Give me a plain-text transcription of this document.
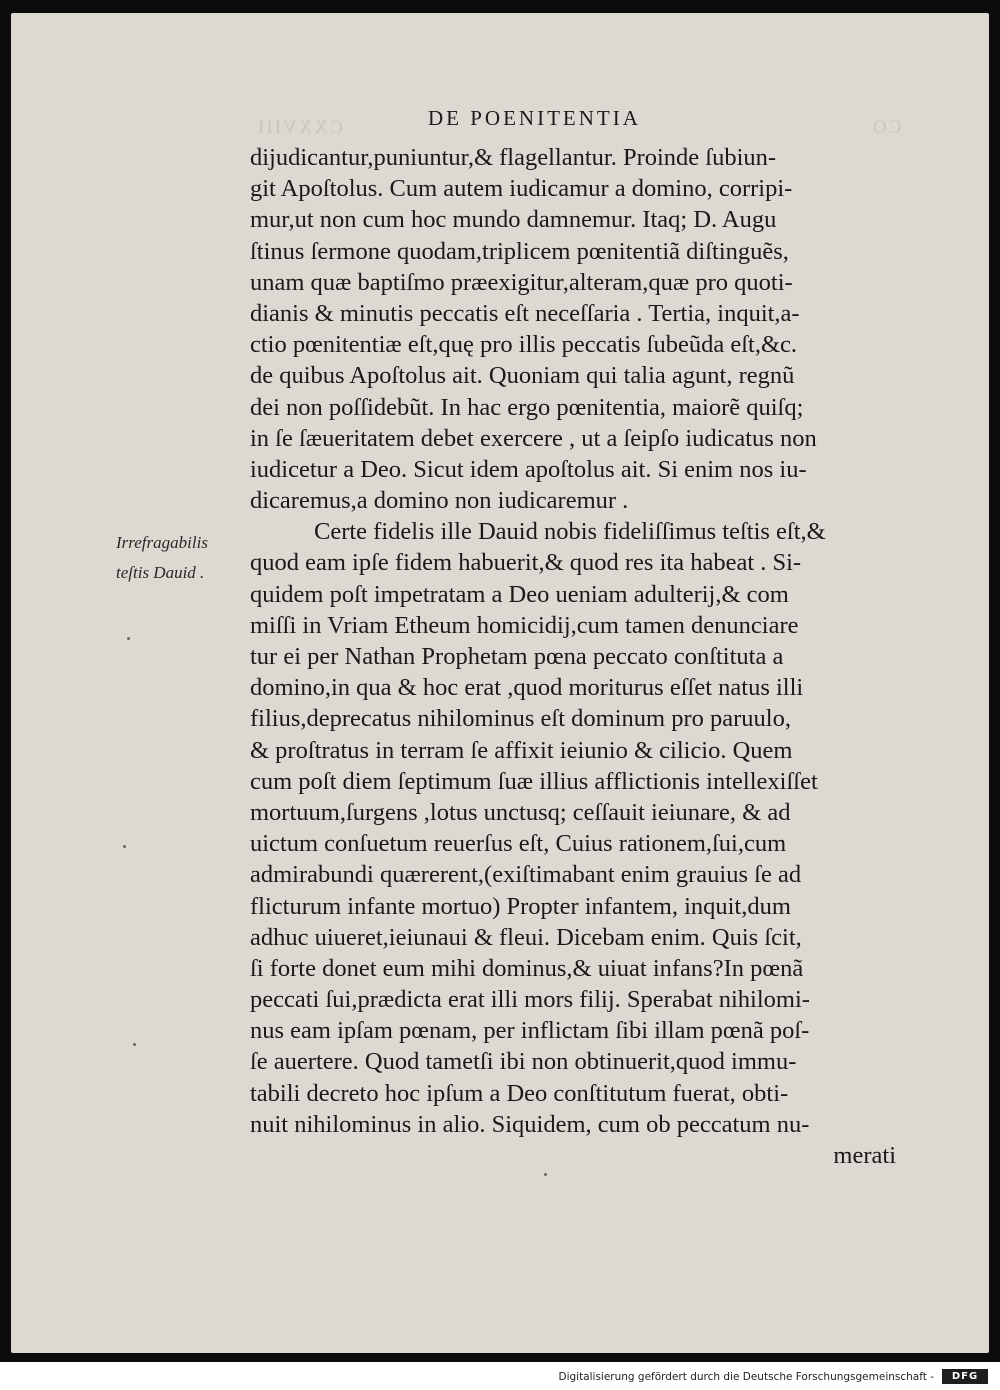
CXXVIII	CO
DE POENITENTIA
dijudicantur,puniuntur,& flagellantur. Proinde ſubiun-
git Apoſtolus. Cum autem iudicamur a domino, corripi-
mur,ut non cum hoc mundo damnemur. Itaq; D. Augu
ſtinus ſermone quodam,triplicem pœnitentiã diſtinguẽs,
unam quæ baptiſmo præexigitur,alteram,quæ pro quoti-
dianis & minutis peccatis eſt neceſſaria . Tertia, inquit,a-
ctio pœnitentiæ eſt,quę pro illis peccatis ſubeũda eſt,&c.
de quibus Apoſtolus ait. Quoniam qui talia agunt, regnũ
dei non poſſidebũt. In hac ergo pœnitentia, maiorẽ quiſq;
in ſe ſæueritatem debet exercere , ut a ſeipſo iudicatus non
iudicetur a Deo. Sicut idem apoſtolus ait. Si enim nos iu-
dicaremus,a domino non iudicaremur .
Certe fidelis ille Dauid nobis fideliſſimus teſtis eſt,&
quod eam ipſe fidem habuerit,& quod res ita habeat . Si-
quidem poſt impetratam a Deo ueniam adulterij,& com
miſſi in Vriam Etheum homicidij,cum tamen denunciare
tur ei per Nathan Prophetam pœna peccato conſtituta a
domino,in qua & hoc erat ,quod moriturus eſſet natus illi
filius,deprecatus nihilominus eſt dominum pro paruulo,
& proſtratus in terram ſe affixit ieiunio & cilicio. Quem
cum poſt diem ſeptimum ſuæ illius afflictionis intellexiſſet
mortuum,ſurgens ,lotus unctusq; ceſſauit ieiunare, & ad
uictum conſuetum reuerſus eſt, Cuius rationem,ſui,cum
admirabundi quærerent,(exiſtimabant enim grauius ſe ad
flicturum infante mortuo) Propter infantem, inquit,dum
adhuc uiueret,ieiunaui & fleui. Dicebam enim. Quis ſcit,
ſi forte donet eum mihi dominus,& uiuat infans?In pœnã
peccati ſui,prædicta erat illi mors filij. Sperabat nihilomi-
nus eam ipſam pœnam, per inflictam ſibi illam pœnã poſ-
ſe auertere. Quod tametſi ibi non obtinuerit,quod immu-
tabili decreto hoc ipſum a Deo conſtitutum fuerat, obti-
nuit nihilominus in alio. Siquidem, cum ob peccatum nu-
merati
Irrefragabilis
teſtis Dauid .
Digitalisierung gefördert durch die Deutsche Forschungsgemeinschaft -	DFG
